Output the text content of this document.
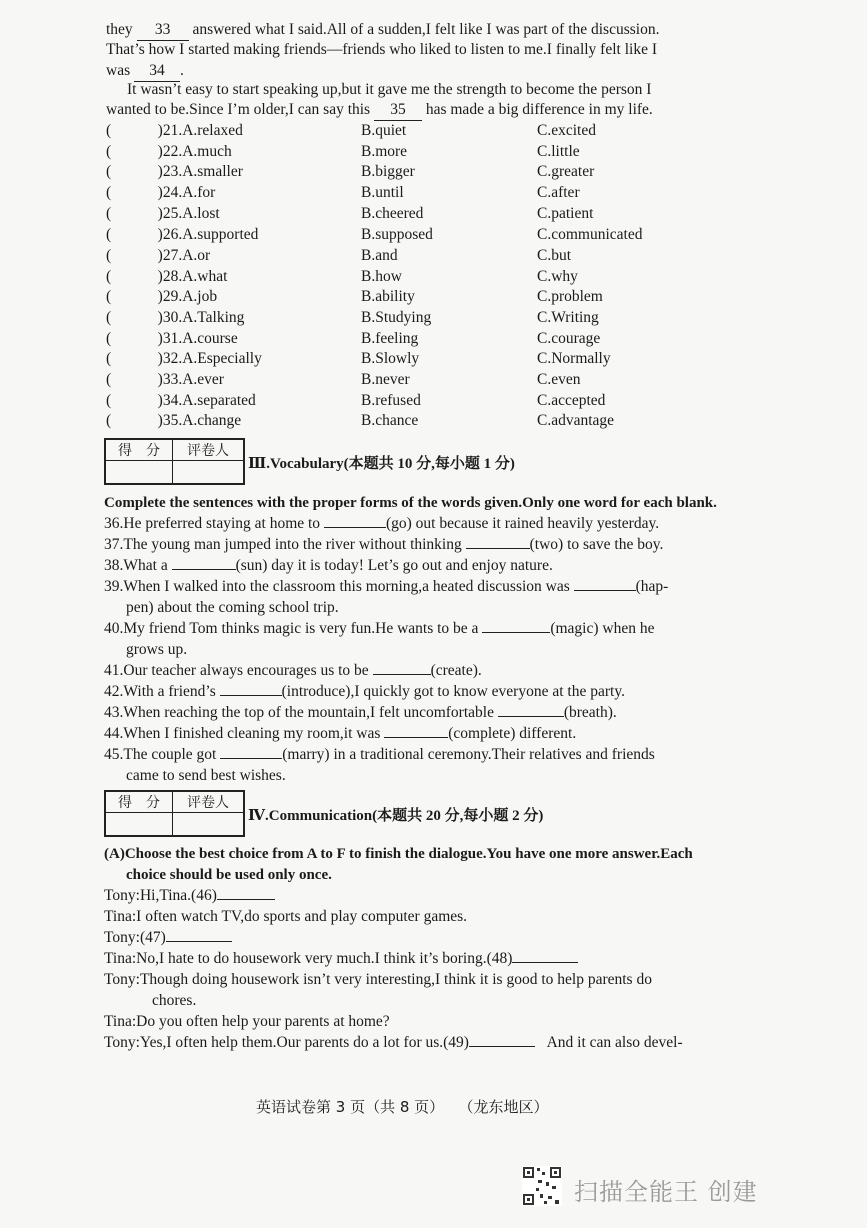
they 33 answered what I said.All of a sudden,I felt like I was part of the discussion.
That’s how I started making friends—friends who liked to listen to me.I finally felt like I
was 34 .
It wasn’t easy to start speaking up,but it gave me the strength to become the person I
wanted to be.Since I’m older,I can say this 35 has made a big difference in my life.
(　　　)21.A.relaxed	B.quiet	C.excited
(　　　)22.A.much	B.more	C.little
(　　　)23.A.smaller	B.bigger	C.greater
(　　　)24.A.for	B.until	C.after
(　　　)25.A.lost	B.cheered	C.patient
(　　　)26.A.supported	B.supposed	C.communicated
(　　　)27.A.or	B.and	C.but
(　　　)28.A.what	B.how	C.why
(　　　)29.A.job	B.ability	C.problem
(　　　)30.A.Talking	B.Studying	C.Writing
(　　　)31.A.course	B.feeling	C.courage
(　　　)32.A.Especially	B.Slowly	C.Normally
(　　　)33.A.ever	B.never	C.even
(　　　)34.A.separated	B.refused	C.accepted
(　　　)35.A.change	B.chance	C.advantage
得　分	评卷人

Ⅲ.Vocabulary(本题共 10 分,每小题 1 分)
Complete the sentences with the proper forms of the words given.Only one word for each blank.
36.He preferred staying at home to	(go) out because it rained heavily yesterday.
37.The young man jumped into the river without thinking	(two) to save the boy.
38.What a	(sun) day it is today! Let’s go out and enjoy nature.
39.When I walked into the classroom this morning,a heated discussion was	(hap-
pen) about the coming school trip.
40.My friend Tom thinks magic is very fun.He wants to be a	(magic) when he
grows up.
41.Our teacher always encourages us to be	(create).
42.With a friend’s	(introduce),I quickly got to know everyone at the party.
43.When reaching the top of the mountain,I felt uncomfortable	(breath).
44.When I finished cleaning my room,it was	(complete) different.
45.The couple got	(marry) in a traditional ceremony.Their relatives and friends
came to send best wishes.
得　分	评卷人

Ⅳ.Communication(本题共 20 分,每小题 2 分)
(A)Choose the best choice from A to F to finish the dialogue.You have one more answer.Each
choice should be used only once.
Tony:Hi,Tina.(46)
Tina:I often watch TV,do sports and play computer games.
Tony:(47)
Tina:No,I hate to do housework very much.I think it’s boring.(48)
Tony:Though doing housework isn’t very interesting,I think it is good to help parents do
chores.
Tina:Do you often help your parents at home?
Tony:Yes,I often help them.Our parents do a lot for us.(49)	And it can also devel-
英语试卷第 3 页（共 8 页） （龙东地区）
扫描全能王 创建
